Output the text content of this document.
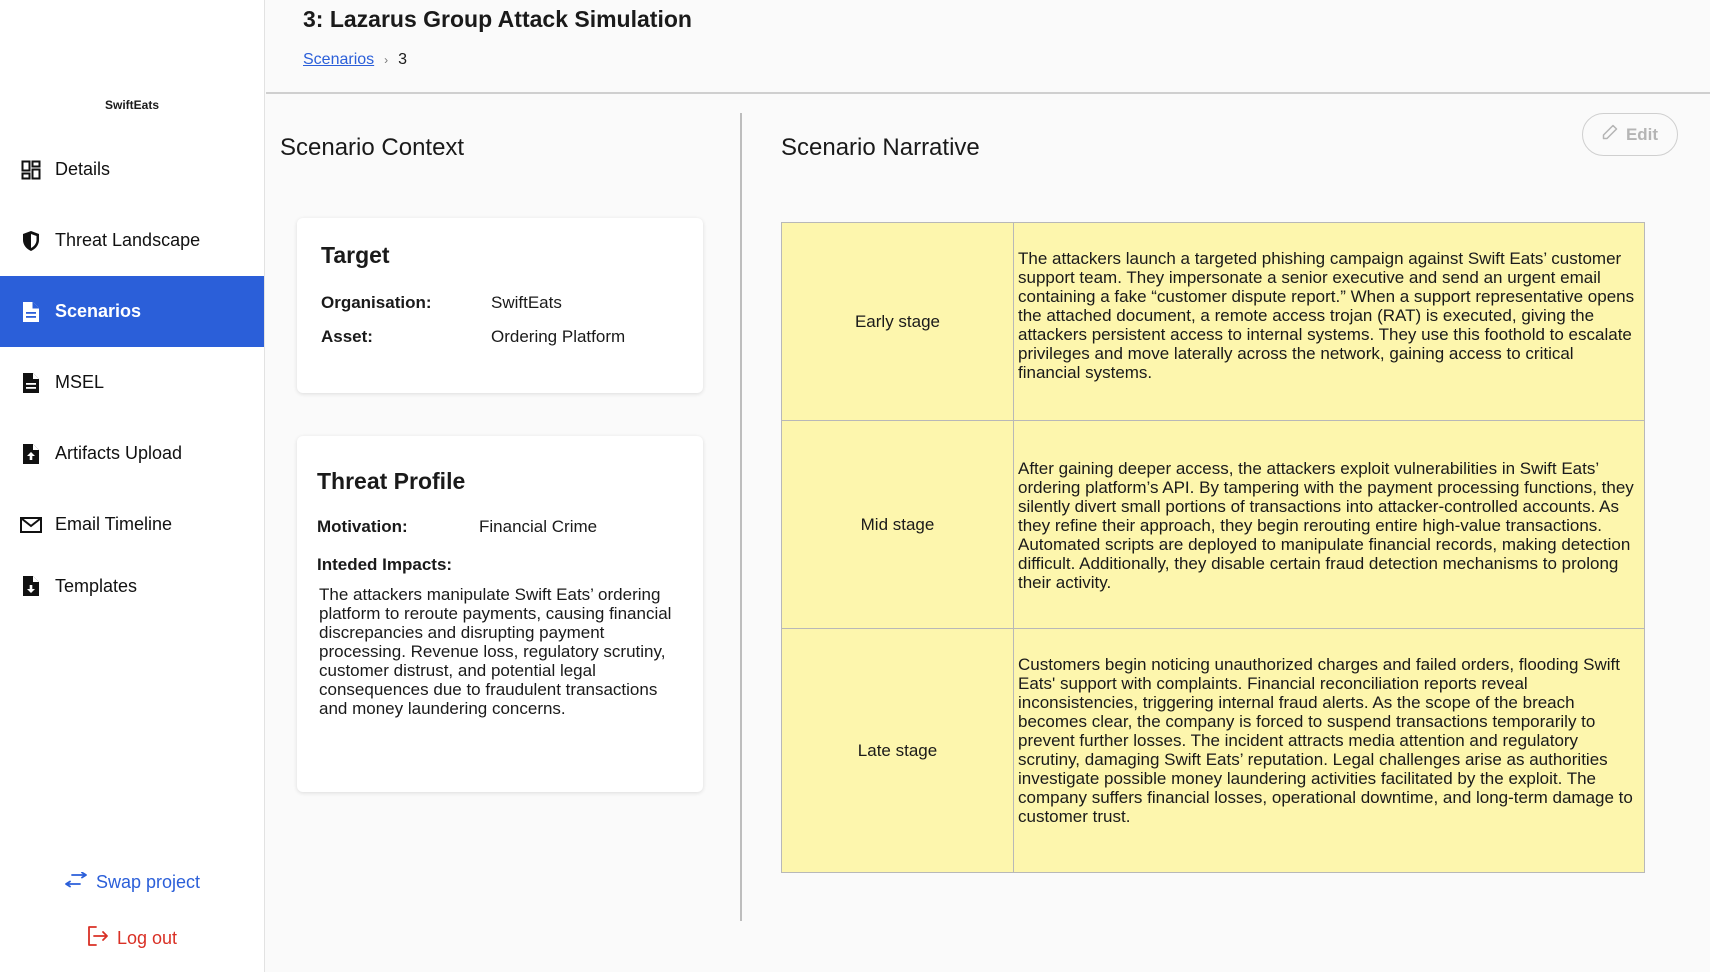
SwiftEats
Details
Threat Landscape
Scenarios
MSEL
Artifacts Upload
Email Timeline
Templates
Swap project
Log out
3: Lazarus Group Attack Simulation
Scenarios › 3
Scenario Context
Target
Organisation:	SwiftEats
Asset:	Ordering Platform
Threat Profile
Motivation:	Financial Crime
Inteded Impacts:
The attackers manipulate Swift Eats’ ordering platform to reroute payments, causing financial discrepancies and disrupting payment processing. Revenue loss, regulatory scrutiny, customer distrust, and potential legal consequences due to fraudulent transactions and money laundering concerns.
Scenario Narrative	Edit
Early stage	The attackers launch a targeted phishing campaign against Swift Eats’ customer support team. They impersonate a senior executive and send an urgent email containing a fake “customer dispute report.” When a support representative opens the attached document, a remote access trojan (RAT) is executed, giving the attackers persistent access to internal systems. They use this foothold to escalate privileges and move laterally across the network, gaining access to critical financial systems.
Mid stage	After gaining deeper access, the attackers exploit vulnerabilities in Swift Eats’ ordering platform’s API. By tampering with the payment processing functions, they silently divert small portions of transactions into attacker-controlled accounts. As they refine their approach, they begin rerouting entire high-value transactions. Automated scripts are deployed to manipulate financial records, making detection difficult. Additionally, they disable certain fraud detection mechanisms to prolong their activity.
Late stage	Customers begin noticing unauthorized charges and failed orders, flooding Swift Eats' support with complaints. Financial reconciliation reports reveal inconsistencies, triggering internal fraud alerts. As the scope of the breach becomes clear, the company is forced to suspend transactions temporarily to prevent further losses. The incident attracts media attention and regulatory scrutiny, damaging Swift Eats’ reputation. Legal challenges arise as authorities investigate possible money laundering activities facilitated by the exploit. The company suffers financial losses, operational downtime, and long-term damage to customer trust.
